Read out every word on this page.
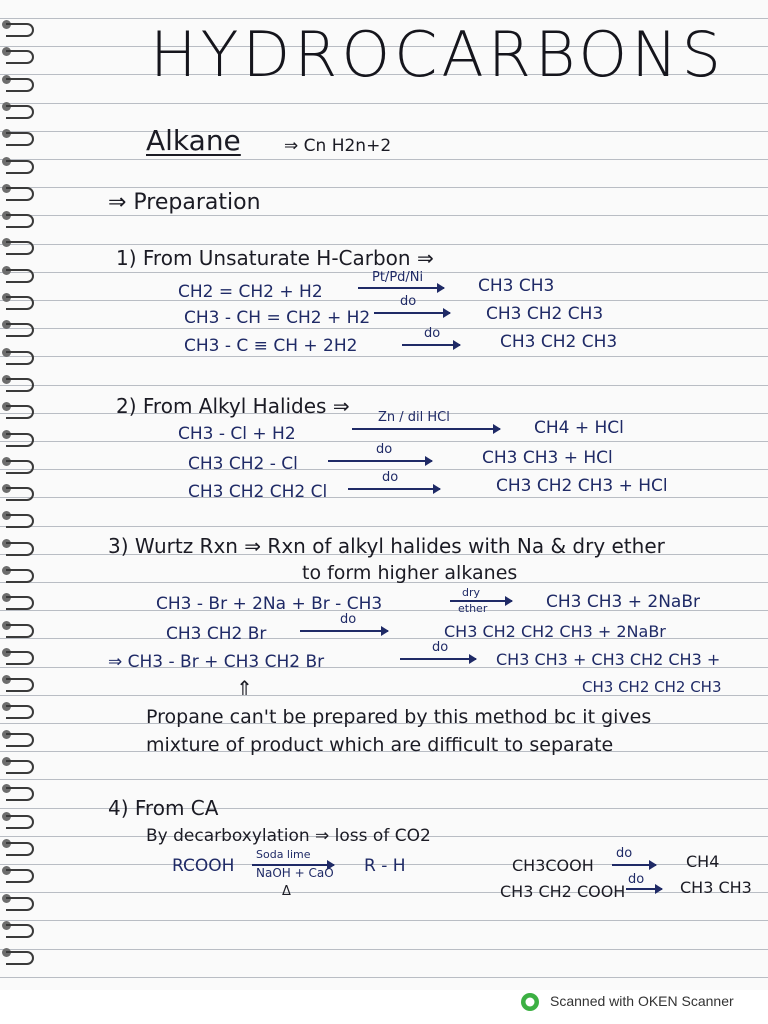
HYDROCARBONS
Alkane	⇒ Cn H2n+2
⇒ Preparation
1) From Unsaturate H-Carbon ⇒
Pt/Pd/Ni
CH2 = CH2 + H2	CH3 CH3
do
CH3 - CH = CH2 + H2	CH3 CH2 CH3
do
CH3 - C ≡ CH + 2H2	CH3 CH2 CH3
2) From Alkyl Halides ⇒ Zn / dil HCl
CH3 - Cl + H2	CH4 + HCl
do
CH3 CH2 - Cl	CH3 CH3 + HCl
do
CH3 CH2 CH2 Cl	CH3 CH2 CH3 + HCl
3) Wurtz Rxn ⇒ Rxn of alkyl halides with Na & dry ether
to form higher alkanes
dry
ether
CH3 - Br + 2Na + Br - CH3	CH3 CH3 + 2NaBr
do
CH3 CH2 Br	CH3 CH2 CH2 CH3 + 2NaBr
do
⇒ CH3 - Br + CH3 CH2 Br	CH3 CH3 + CH3 CH2 CH3 +
CH3 CH2 CH2 CH3
⇑
Propane can't be prepared by this method bc it gives
mixture of product which are difficult to separate
4) From CA
By decarboxylation ⇒ loss of CO2
RCOOH
Soda lime
NaOH + CaO
Δ
R - H
do
CH3COOH	CH4
do
CH3 CH2 COOH	CH3 CH3
Scanned with OKEN Scanner
